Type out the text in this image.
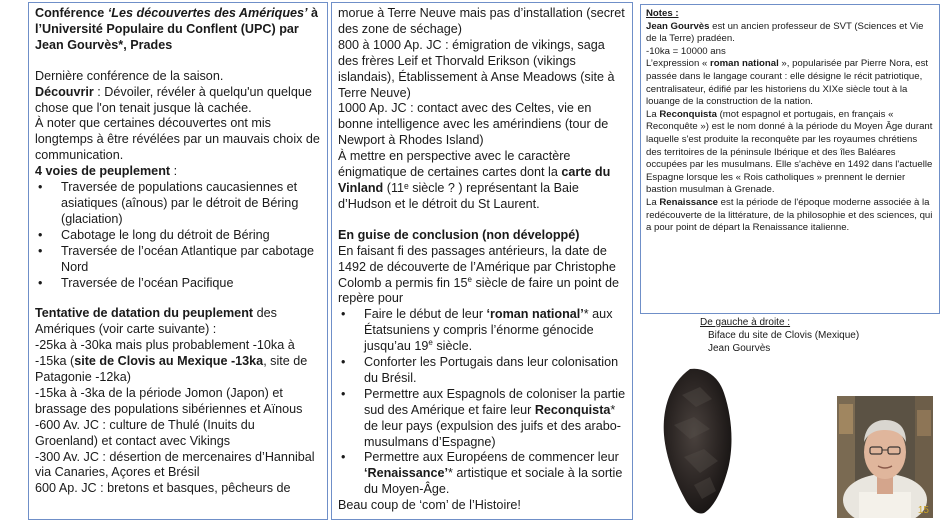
Conférence ‘Les découvertes des Amériques’ à l’Université Populaire du Conflent (UPC) par Jean Gourvès*, Prades

Dernière conférence de la saison.

Découvrir : Dévoiler, révéler à quelqu'un quelque chose que l'on tenait jusque là cachée.

À noter que certaines découvertes ont mis longtemps à être révélées par un mauvais choix de communication.

4 voies de peuplement :

• Traversée de populations caucasiennes et asiatiques (aînous) par le détroit de Béring (glaciation)
• Cabotage le long du détroit de Béring
• Traversée de l’océan Atlantique par cabotage Nord
• Traversée de l’océan Pacifique

Tentative de datation du peuplement des Amériques (voir carte suivante) :

-25ka à -30ka mais plus probablement -10ka à -15ka (site de Clovis au Mexique -13ka, site de Patagonie -12ka)

-15ka à -3ka de la période Jomon (Japon) et brassage des populations sibériennes et Aïnous

-600 Av. JC : culture de Thulé (Inuits du Groenland) et contact avec Vikings

-300 Av. JC : désertion de mercenaires d’Hannibal via Canaries, Açores et Brésil

600 Ap. JC : bretons et basques, pêcheurs de

morue à Terre Neuve mais pas d’installation (secret des zone de séchage)

800 à 1000 Ap. JC : émigration de vikings, saga des frères Leif et Thorvald Erikson (vikings islandais), Établissement à Anse Meadows (site à Terre Neuve)

1000 Ap. JC : contact avec des Celtes, vie en bonne intelligence avec les amérindiens (tour de Newport à Rhodes Island)

À mettre en perspective avec le caractère énigmatique de certaines cartes dont la carte du Vinland (11ᵉ siècle ? ) représentant la Baie d’Hudson et le détroit du St Laurent.

En guise de conclusion (non développé)

En faisant fi des passages antérieurs, la date de 1492 de découverte de l’Amérique par Christophe Colomb a permis fin 15e siècle de faire un point de repère pour

• Faire le début de leur ‘roman national’* aux Étatsuniens y compris l’énorme génocide jusqu’au 19e siècle.
• Conforter les Portugais dans leur colonisation du Brésil.
• Permettre aux Espagnols de coloniser la partie sud des Amérique et faire leur Reconquista* de leur pays (expulsion des juifs et des arabo-musulmans d’Espagne)
• Permettre aux Européens de commencer leur ‘Renaissance’* artistique et sociale à la sortie du Moyen-Âge.

Beau coup de ‘com’ de l’Histoire!

Notes :

Jean Gourvès est un ancien professeur de SVT (Sciences et Vie de la Terre) pradéen.

-10ka = 10000 ans

L’expression « roman national », popularisée par Pierre Nora, est passée dans le langage courant : elle désigne le récit patriotique, centralisateur, édifié par les historiens du XIXe siècle tout à la louange de la construction de la nation.

La Reconquista (mot espagnol et portugais, en français « Reconquête ») est le nom donné à la période du Moyen Âge durant laquelle s'est produite la reconquête par les royaumes chrétiens des territoires de la péninsule Ibérique et des îles Baléares occupées par les musulmans. Elle s'achève en 1492 dans l'actuelle Espagne lorsque les « Rois catholiques » prennent le dernier bastion musulman à Grenade.

La Renaissance est la période de l'époque moderne associée à la redécouverte de la littérature, de la philosophie et des sciences, qui a pour point de départ la Renaissance italienne.

De gauche à droite :
Biface du site de Clovis (Mexique)
Jean Gourvès
15
